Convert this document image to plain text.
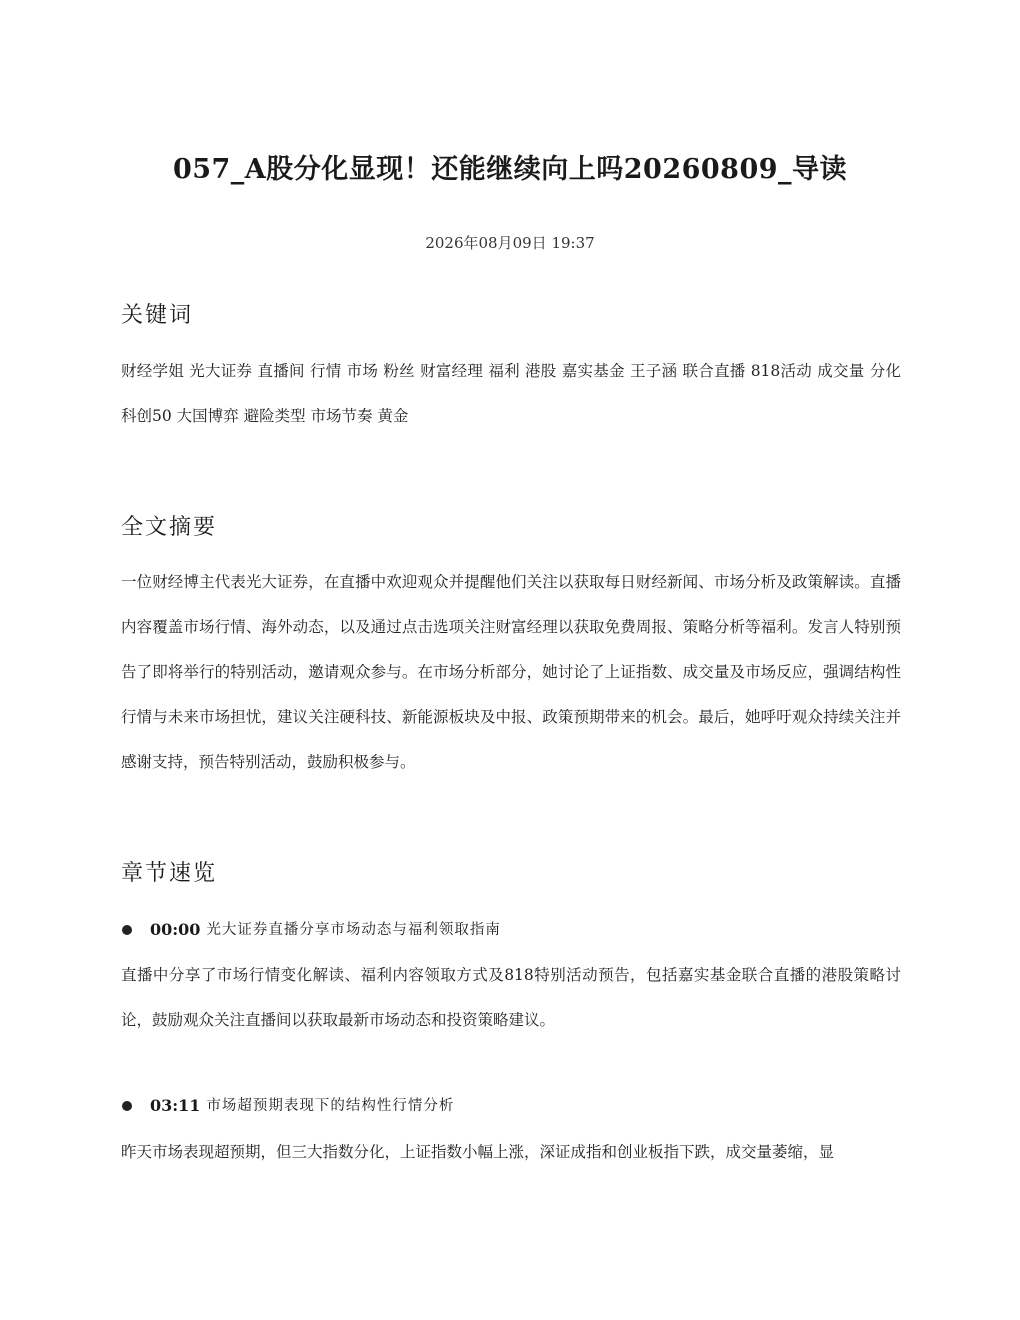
057_A股分化显现！还能继续向上吗20260809_导读
2026年08月09日 19:37
关键词

财经学姐 光大证券 直播间 行情 市场 粉丝 财富经理 福利 港股 嘉实基金 王子涵 联合直播 818活动 成交量 分化 科创50 大国博弈 避险类型 市场节奏 黄金

全文摘要

一位财经博主代表光大证券，在直播中欢迎观众并提醒他们关注以获取每日财经新闻、市场分析及政策解读。直播内容覆盖市场行情、海外动态，以及通过点击选项关注财富经理以获取免费周报、策略分析等福利。发言人特别预告了即将举行的特别活动，邀请观众参与。在市场分析部分，她讨论了上证指数、成交量及市场反应，强调结构性行情与未来市场担忧，建议关注硬科技、新能源板块及中报、政策预期带来的机会。最后，她呼吁观众持续关注并感谢支持，预告特别活动，鼓励积极参与。

章节速览
00:00 光大证券直播分享市场动态与福利领取指南

直播中分享了市场行情变化解读、福利内容领取方式及818特别活动预告，包括嘉实基金联合直播的港股策略讨论，鼓励观众关注直播间以获取最新市场动态和投资策略建议。

03:11 市场超预期表现下的结构性行情分析

昨天市场表现超预期，但三大指数分化，上证指数小幅上涨，深证成指和创业板指下跌，成交量萎缩，显
